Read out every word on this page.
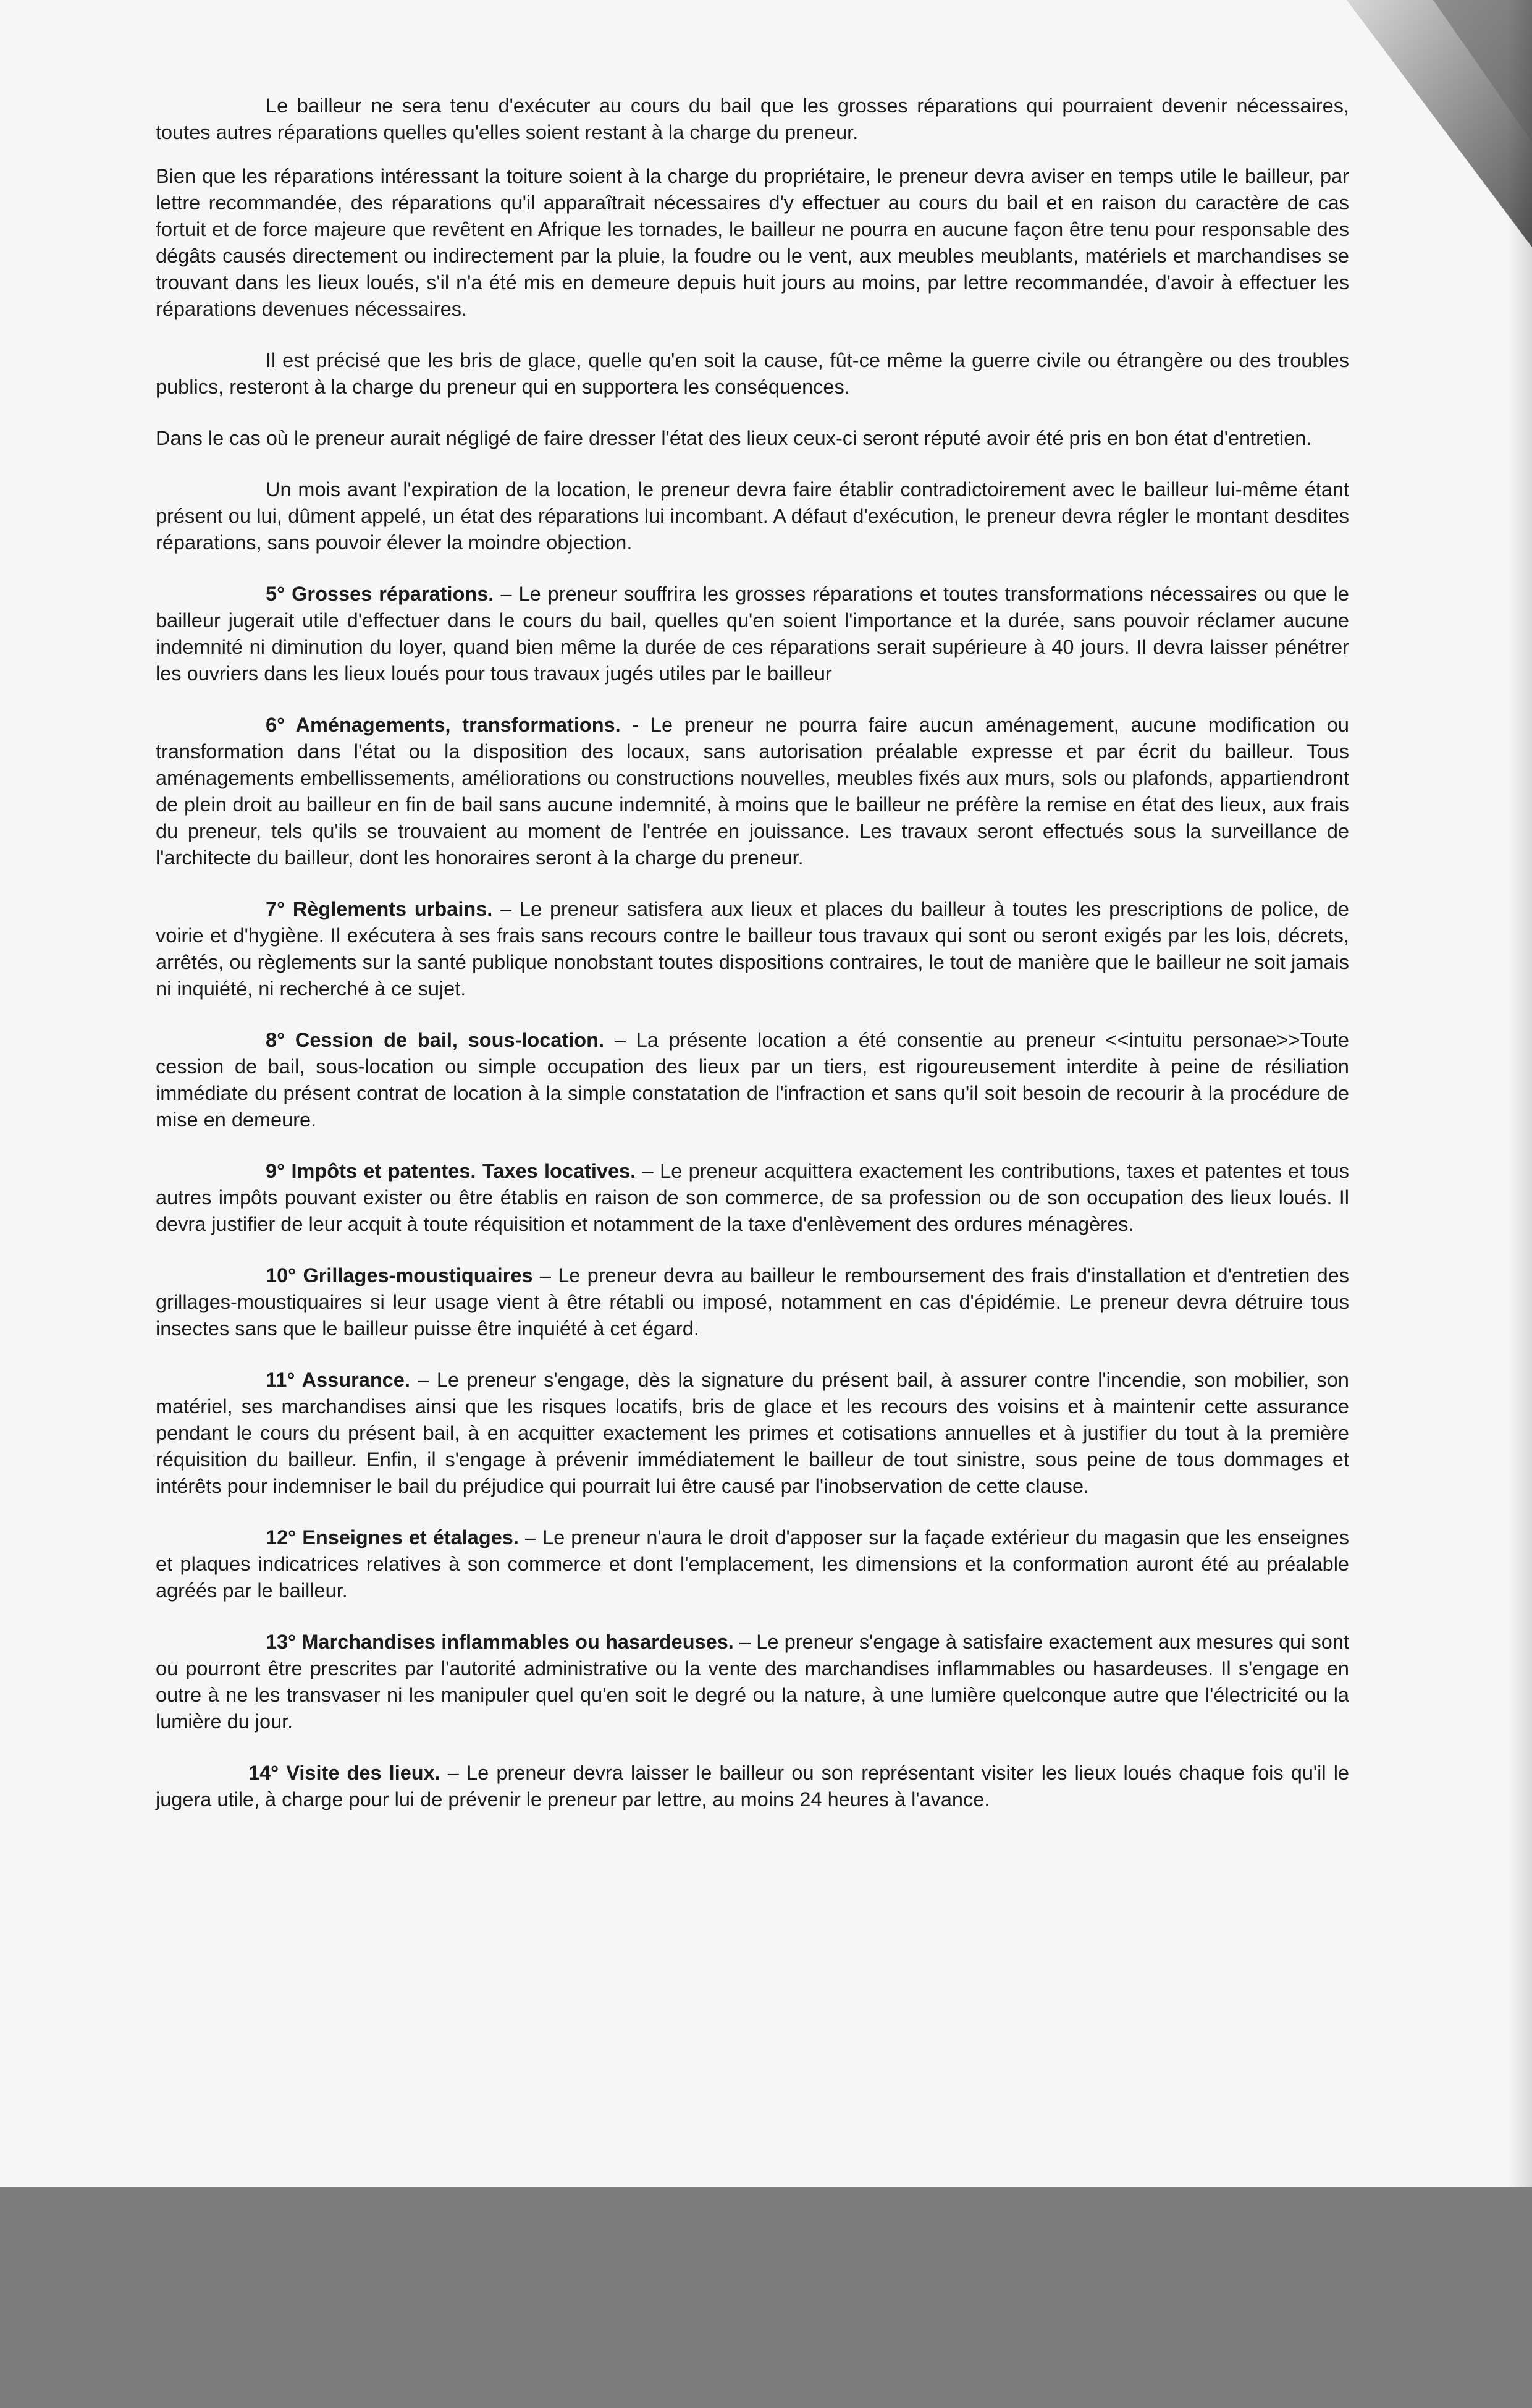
Le bailleur ne sera tenu d'exécuter au cours du bail que les grosses réparations qui pourraient devenir nécessaires, toutes autres réparations quelles qu'elles soient restant à la charge du preneur.

Bien que les réparations intéressant la toiture soient à la charge du propriétaire, le preneur devra aviser en temps utile le bailleur, par lettre recommandée, des réparations qu'il apparaîtrait nécessaires d'y effectuer au cours du bail et en raison du caractère de cas fortuit et de force majeure que revêtent en Afrique les tornades, le bailleur ne pourra en aucune façon être tenu pour responsable des dégâts causés directement ou indirectement par la pluie, la foudre ou le vent, aux meubles meublants, matériels et marchandises se trouvant dans les lieux loués, s'il n'a été mis en demeure depuis huit jours au moins, par lettre recommandée, d'avoir à effectuer les réparations devenues nécessaires.

Il est précisé que les bris de glace, quelle qu'en soit la cause, fût-ce même la guerre civile ou étrangère ou des troubles publics, resteront à la charge du preneur qui en supportera les conséquences.

Dans le cas où le preneur aurait négligé de faire dresser l'état des lieux ceux-ci seront réputé avoir été pris en bon état d'entretien.

Un mois avant l'expiration de la location, le preneur devra faire établir contradictoirement avec le bailleur lui-même étant présent ou lui, dûment appelé, un état des réparations lui incombant. A défaut d'exécution, le preneur devra régler le montant desdites réparations, sans pouvoir élever la moindre objection.

5° Grosses réparations. – Le preneur souffrira les grosses réparations et toutes transformations nécessaires ou que le bailleur jugerait utile d'effectuer dans le cours du bail, quelles qu'en soient l'importance et la durée, sans pouvoir réclamer aucune indemnité ni diminution du loyer, quand bien même la durée de ces réparations serait supérieure à 40 jours. Il devra laisser pénétrer les ouvriers dans les lieux loués pour tous travaux jugés utiles par le bailleur

6° Aménagements, transformations. - Le preneur ne pourra faire aucun aménagement, aucune modification ou transformation dans l'état ou la disposition des locaux, sans autorisation préalable expresse et par écrit du bailleur. Tous aménagements embellissements, améliorations ou constructions nouvelles, meubles fixés aux murs, sols ou plafonds, appartiendront de plein droit au bailleur en fin de bail sans aucune indemnité, à moins que le bailleur ne préfère la remise en état des lieux, aux frais du preneur, tels qu'ils se trouvaient au moment de l'entrée en jouissance. Les travaux seront effectués sous la surveillance de l'architecte du bailleur, dont les honoraires seront à la charge du preneur.

7° Règlements urbains. – Le preneur satisfera aux lieux et places du bailleur à toutes les prescriptions de police, de voirie et d'hygiène. Il exécutera à ses frais sans recours contre le bailleur tous travaux qui sont ou seront exigés par les lois, décrets, arrêtés, ou règlements sur la santé publique nonobstant toutes dispositions contraires, le tout de manière que le bailleur ne soit jamais ni inquiété, ni recherché à ce sujet.

8° Cession de bail, sous-location. – La présente location a été consentie au preneur <<intuitu personae>>Toute cession de bail, sous-location ou simple occupation des lieux par un tiers, est rigoureusement interdite à peine de résiliation immédiate du présent contrat de location à la simple constatation de l'infraction et sans qu'il soit besoin de recourir à la procédure de mise en demeure.

9° Impôts et patentes. Taxes locatives. – Le preneur acquittera exactement les contributions, taxes et patentes et tous autres impôts pouvant exister ou être établis en raison de son commerce, de sa profession ou de son occupation des lieux loués. Il devra justifier de leur acquit à toute réquisition et notamment de la taxe d'enlèvement des ordures ménagères.

10° Grillages-moustiquaires – Le preneur devra au bailleur le remboursement des frais d'installation et d'entretien des grillages-moustiquaires si leur usage vient à être rétabli ou imposé, notamment en cas d'épidémie. Le preneur devra détruire tous insectes sans que le bailleur puisse être inquiété à cet égard.

11° Assurance. – Le preneur s'engage, dès la signature du présent bail, à assurer contre l'incendie, son mobilier, son matériel, ses marchandises ainsi que les risques locatifs, bris de glace et les recours des voisins et à maintenir cette assurance pendant le cours du présent bail, à en acquitter exactement les primes et cotisations annuelles et à justifier du tout à la première réquisition du bailleur. Enfin, il s'engage à prévenir immédiatement le bailleur de tout sinistre, sous peine de tous dommages et intérêts pour indemniser le bail du préjudice qui pourrait lui être causé par l'inobservation de cette clause.

12° Enseignes et étalages. – Le preneur n'aura le droit d'apposer sur la façade extérieur du magasin que les enseignes et plaques indicatrices relatives à son commerce et dont l'emplacement, les dimensions et la conformation auront été au préalable agréés par le bailleur.

13° Marchandises inflammables ou hasardeuses. – Le preneur s'engage à satisfaire exactement aux mesures qui sont ou pourront être prescrites par l'autorité administrative ou la vente des marchandises inflammables ou hasardeuses. Il s'engage en outre à ne les transvaser ni les manipuler quel qu'en soit le degré ou la nature, à une lumière quelconque autre que l'électricité ou la lumière du jour.

14° Visite des lieux. – Le preneur devra laisser le bailleur ou son représentant visiter les lieux loués chaque fois qu'il le jugera utile, à charge pour lui de prévenir le preneur par lettre, au moins 24 heures à l'avance.
